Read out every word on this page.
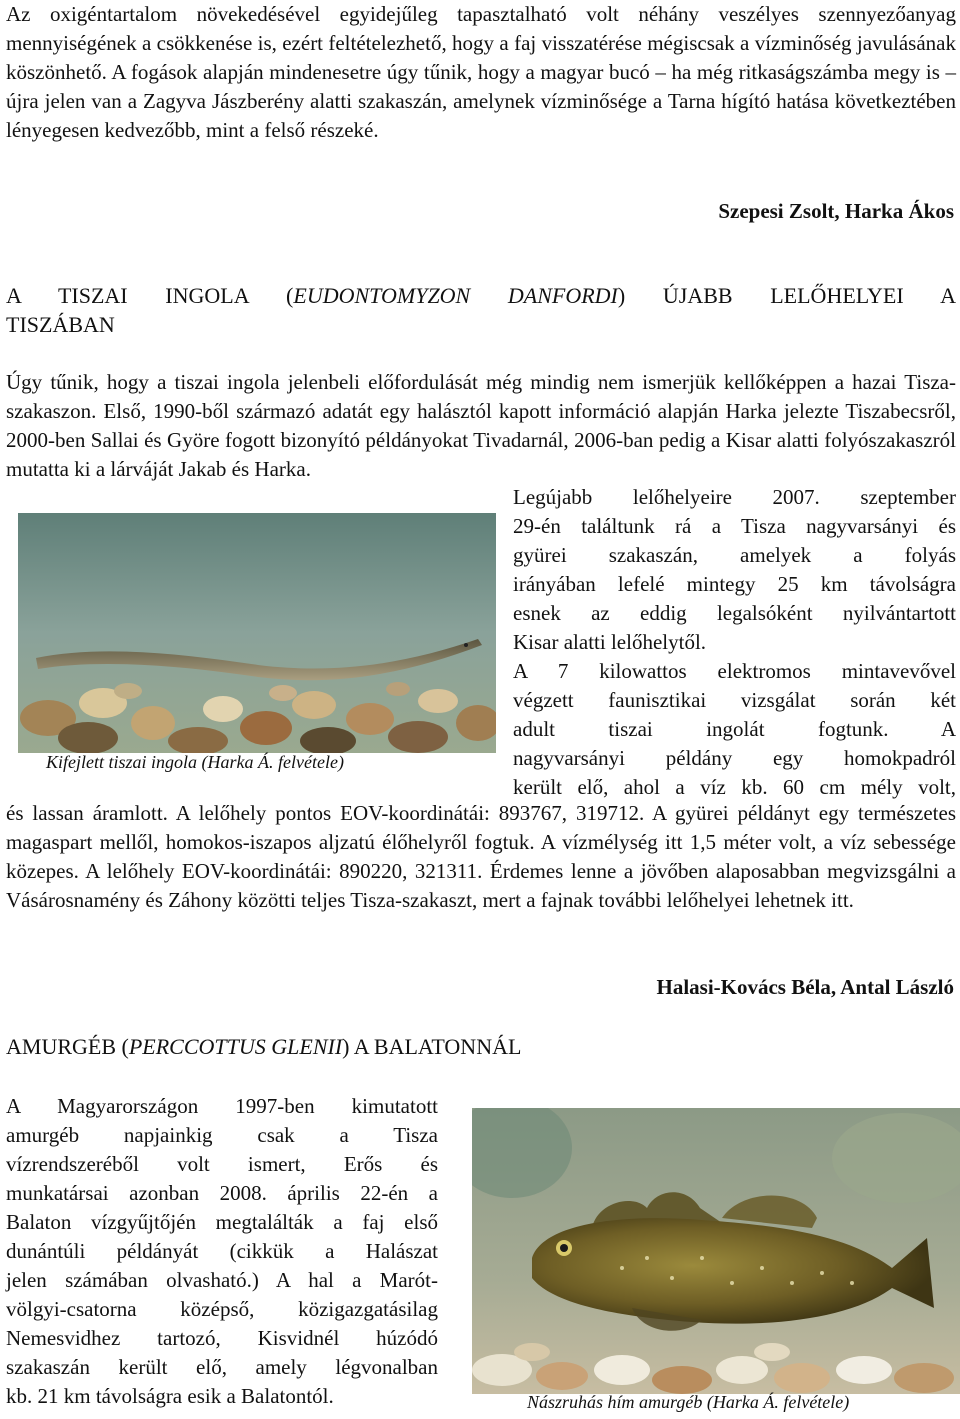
Az oxigéntartalom növekedésével egyidejűleg tapasztalható volt néhány veszélyes szennyezőanyag mennyiségének a csökkenése is, ezért feltételezhető, hogy a faj visszatérése mégiscsak a vízminőség javulásának köszönhető. A fogások alapján mindenesetre úgy tűnik, hogy a magyar bucó – ha még ritkaságszámba megy is – újra jelen van a Zagyva Jászberény alatti szakaszán, amelynek vízminősége a Tarna hígító hatása következtében lényegesen kedvezőbb, mint a felső részeké.

Szepesi Zsolt, Harka Ákos
A TISZAI INGOLA (EUDONTOMYZON DANFORDI) ÚJABB LELŐHELYEI A
TISZÁBAN

Úgy tűnik, hogy a tiszai ingola jelenbeli előfordulását még mindig nem ismerjük kellőképpen a hazai Tisza-szakaszon. Első, 1990-ből származó adatát egy halásztól kapott információ alapján Harka jelezte Tiszabecsről, 2000-ben Sallai és Györe fogott bizonyító példányokat Tivadarnál, 2006-ban pedig a Kisar alatti folyószakaszról mutatta ki a lárváját Jakab és Harka.

Kifejlett tiszai ingola (Harka Á. felvétele)
Legújabb lelőhelyeire 2007. szeptember
29-én találtunk rá a Tisza nagyvarsányi és
gyürei szakaszán, amelyek a folyás
irányában lefelé mintegy 25 km távolságra
esnek az eddig legalsóként nyilvántartott
Kisar alatti lelőhelytől.
A 7 kilowattos elektromos mintavevővel
végzett faunisztikai vizsgálat során két
adult tiszai ingolát fogtunk. A
nagyvarsányi példány egy homokpadról
került elő, ahol a víz kb. 60 cm mély volt,

és lassan áramlott. A lelőhely pontos EOV-koordinátái: 893767, 319712. A gyürei példányt egy természetes magaspart mellől, homokos-iszapos aljzatú élőhelyről fogtuk. A vízmélység itt 1,5 méter volt, a víz sebessége közepes. A lelőhely EOV-koordinátái: 890220, 321311. Érdemes lenne a jövőben alaposabban megvizsgálni a Vásárosnamény és Záhony közötti teljes Tisza-szakaszt, mert a fajnak további lelőhelyei lehetnek itt.

Halasi-Kovács Béla, Antal László
AMURGÉB (PERCCOTTUS GLENII) A BALATONNÁL
A Magyarországon 1997-ben kimutatott
amurgéb napjainkig csak a Tisza
vízrendszeréből volt ismert, Erős és
munkatársai azonban 2008. április 22-én a
Balaton vízgyűjtőjén megtalálták a faj első
dunántúli példányát (cikkük a Halászat
jelen számában olvasható.) A hal a Marót-
völgyi-csatorna középső, közigazgatásilag
Nemesvidhez tartozó, Kisvidnél húzódó
szakaszán került elő, amely légvonalban
kb. 21 km távolságra esik a Balatontól.	Nászruhás hím amurgéb (Harka Á. felvétele)
